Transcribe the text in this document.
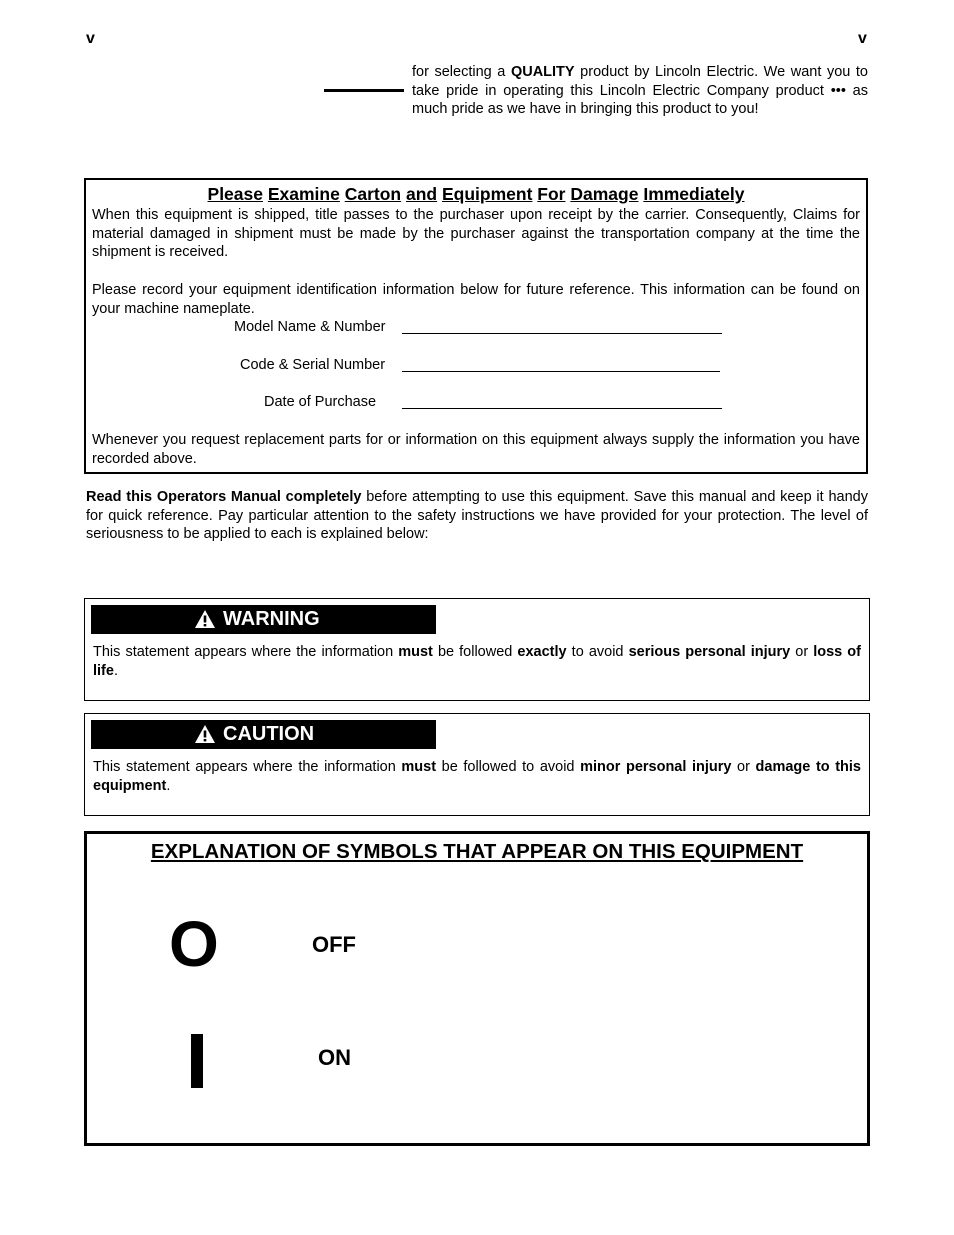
v	v
for selecting a QUALITY product by Lincoln Electric. We want you to take pride in operating this Lincoln Electric Company product ••• as much pride as we have in bringing this product to you!
Please Examine Carton and Equipment For Damage Immediately
When this equipment is shipped, title passes to the purchaser upon receipt by the carrier. Consequently, Claims for material damaged in shipment must be made by the purchaser against the transportation company at the time the shipment is received.
Please record your equipment identification information below for future reference. This information can be found on your machine nameplate.
Model Name & Number
Code & Serial Number
Date of Purchase
Whenever you request replacement parts for or information on this equipment always supply the information you have recorded above.
Read this Operators Manual completely before attempting to use this equipment. Save this manual and keep it handy for quick reference. Pay particular attention to the safety instructions we have provided for your protection. The level of seriousness to be applied to each is explained below:
WARNING
This statement appears where the information must be followed exactly to avoid serious personal injury or loss of life.
CAUTION
This statement appears where the information must be followed to avoid minor personal injury or damage to this equipment.
EXPLANATION OF SYMBOLS THAT APPEAR ON THIS EQUIPMENT
O	OFF
ON
